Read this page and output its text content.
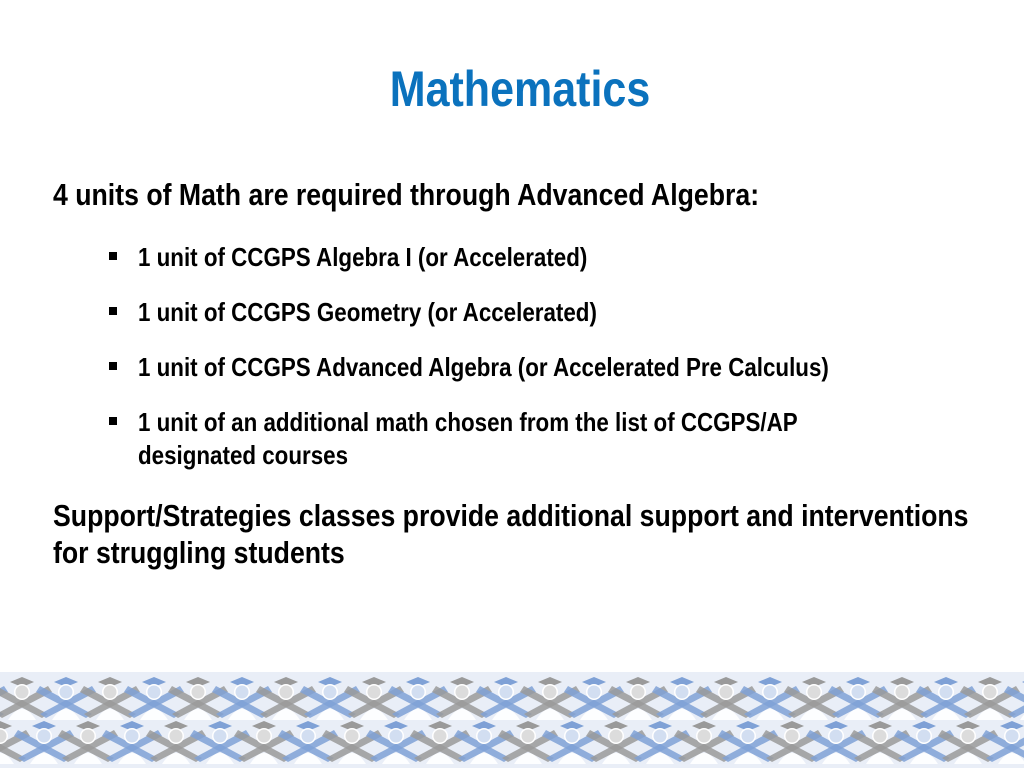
Mathematics
4 units of Math are required through Advanced Algebra:
1 unit of CCGPS Algebra I (or Accelerated)
1 unit of CCGPS Geometry (or Accelerated)
1 unit of CCGPS Advanced Algebra (or Accelerated Pre Calculus)
1 unit of an additional math chosen from the list of CCGPS/AP designated courses
Support/Strategies classes provide additional support and interventions for struggling students
